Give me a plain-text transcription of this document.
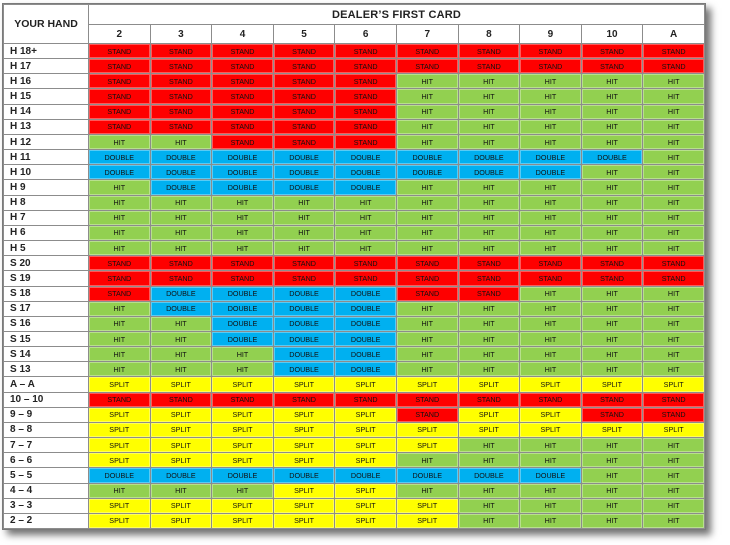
YOUR HAND	DEALER’S FIRST CARD									
	2	3	4	5	6	7	8	9	10	A
H 18+	STAND	STAND	STAND	STAND	STAND	STAND	STAND	STAND	STAND	STAND
H 17	STAND	STAND	STAND	STAND	STAND	STAND	STAND	STAND	STAND	STAND
H 16	STAND	STAND	STAND	STAND	STAND	HIT	HIT	HIT	HIT	HIT
H 15	STAND	STAND	STAND	STAND	STAND	HIT	HIT	HIT	HIT	HIT
H 14	STAND	STAND	STAND	STAND	STAND	HIT	HIT	HIT	HIT	HIT
H 13	STAND	STAND	STAND	STAND	STAND	HIT	HIT	HIT	HIT	HIT
H 12	HIT	HIT	STAND	STAND	STAND	HIT	HIT	HIT	HIT	HIT
H 11	DOUBLE	DOUBLE	DOUBLE	DOUBLE	DOUBLE	DOUBLE	DOUBLE	DOUBLE	DOUBLE	HIT
H 10	DOUBLE	DOUBLE	DOUBLE	DOUBLE	DOUBLE	DOUBLE	DOUBLE	DOUBLE	HIT	HIT
H 9	HIT	DOUBLE	DOUBLE	DOUBLE	DOUBLE	HIT	HIT	HIT	HIT	HIT
H 8	HIT	HIT	HIT	HIT	HIT	HIT	HIT	HIT	HIT	HIT
H 7	HIT	HIT	HIT	HIT	HIT	HIT	HIT	HIT	HIT	HIT
H 6	HIT	HIT	HIT	HIT	HIT	HIT	HIT	HIT	HIT	HIT
H 5	HIT	HIT	HIT	HIT	HIT	HIT	HIT	HIT	HIT	HIT
S 20	STAND	STAND	STAND	STAND	STAND	STAND	STAND	STAND	STAND	STAND
S 19	STAND	STAND	STAND	STAND	STAND	STAND	STAND	STAND	STAND	STAND
S 18	STAND	DOUBLE	DOUBLE	DOUBLE	DOUBLE	STAND	STAND	HIT	HIT	HIT
S 17	HIT	DOUBLE	DOUBLE	DOUBLE	DOUBLE	HIT	HIT	HIT	HIT	HIT
S 16	HIT	HIT	DOUBLE	DOUBLE	DOUBLE	HIT	HIT	HIT	HIT	HIT
S 15	HIT	HIT	DOUBLE	DOUBLE	DOUBLE	HIT	HIT	HIT	HIT	HIT
S 14	HIT	HIT	HIT	DOUBLE	DOUBLE	HIT	HIT	HIT	HIT	HIT
S 13	HIT	HIT	HIT	DOUBLE	DOUBLE	HIT	HIT	HIT	HIT	HIT
A – A	SPLIT	SPLIT	SPLIT	SPLIT	SPLIT	SPLIT	SPLIT	SPLIT	SPLIT	SPLIT
10 – 10	STAND	STAND	STAND	STAND	STAND	STAND	STAND	STAND	STAND	STAND
9 – 9	SPLIT	SPLIT	SPLIT	SPLIT	SPLIT	STAND	SPLIT	SPLIT	STAND	STAND
8 – 8	SPLIT	SPLIT	SPLIT	SPLIT	SPLIT	SPLIT	SPLIT	SPLIT	SPLIT	SPLIT
7 – 7	SPLIT	SPLIT	SPLIT	SPLIT	SPLIT	SPLIT	HIT	HIT	HIT	HIT
6 – 6	SPLIT	SPLIT	SPLIT	SPLIT	SPLIT	HIT	HIT	HIT	HIT	HIT
5 – 5	DOUBLE	DOUBLE	DOUBLE	DOUBLE	DOUBLE	DOUBLE	DOUBLE	DOUBLE	HIT	HIT
4 – 4	HIT	HIT	HIT	SPLIT	SPLIT	HIT	HIT	HIT	HIT	HIT
3 – 3	SPLIT	SPLIT	SPLIT	SPLIT	SPLIT	SPLIT	HIT	HIT	HIT	HIT
2 – 2	SPLIT	SPLIT	SPLIT	SPLIT	SPLIT	SPLIT	HIT	HIT	HIT	HIT
